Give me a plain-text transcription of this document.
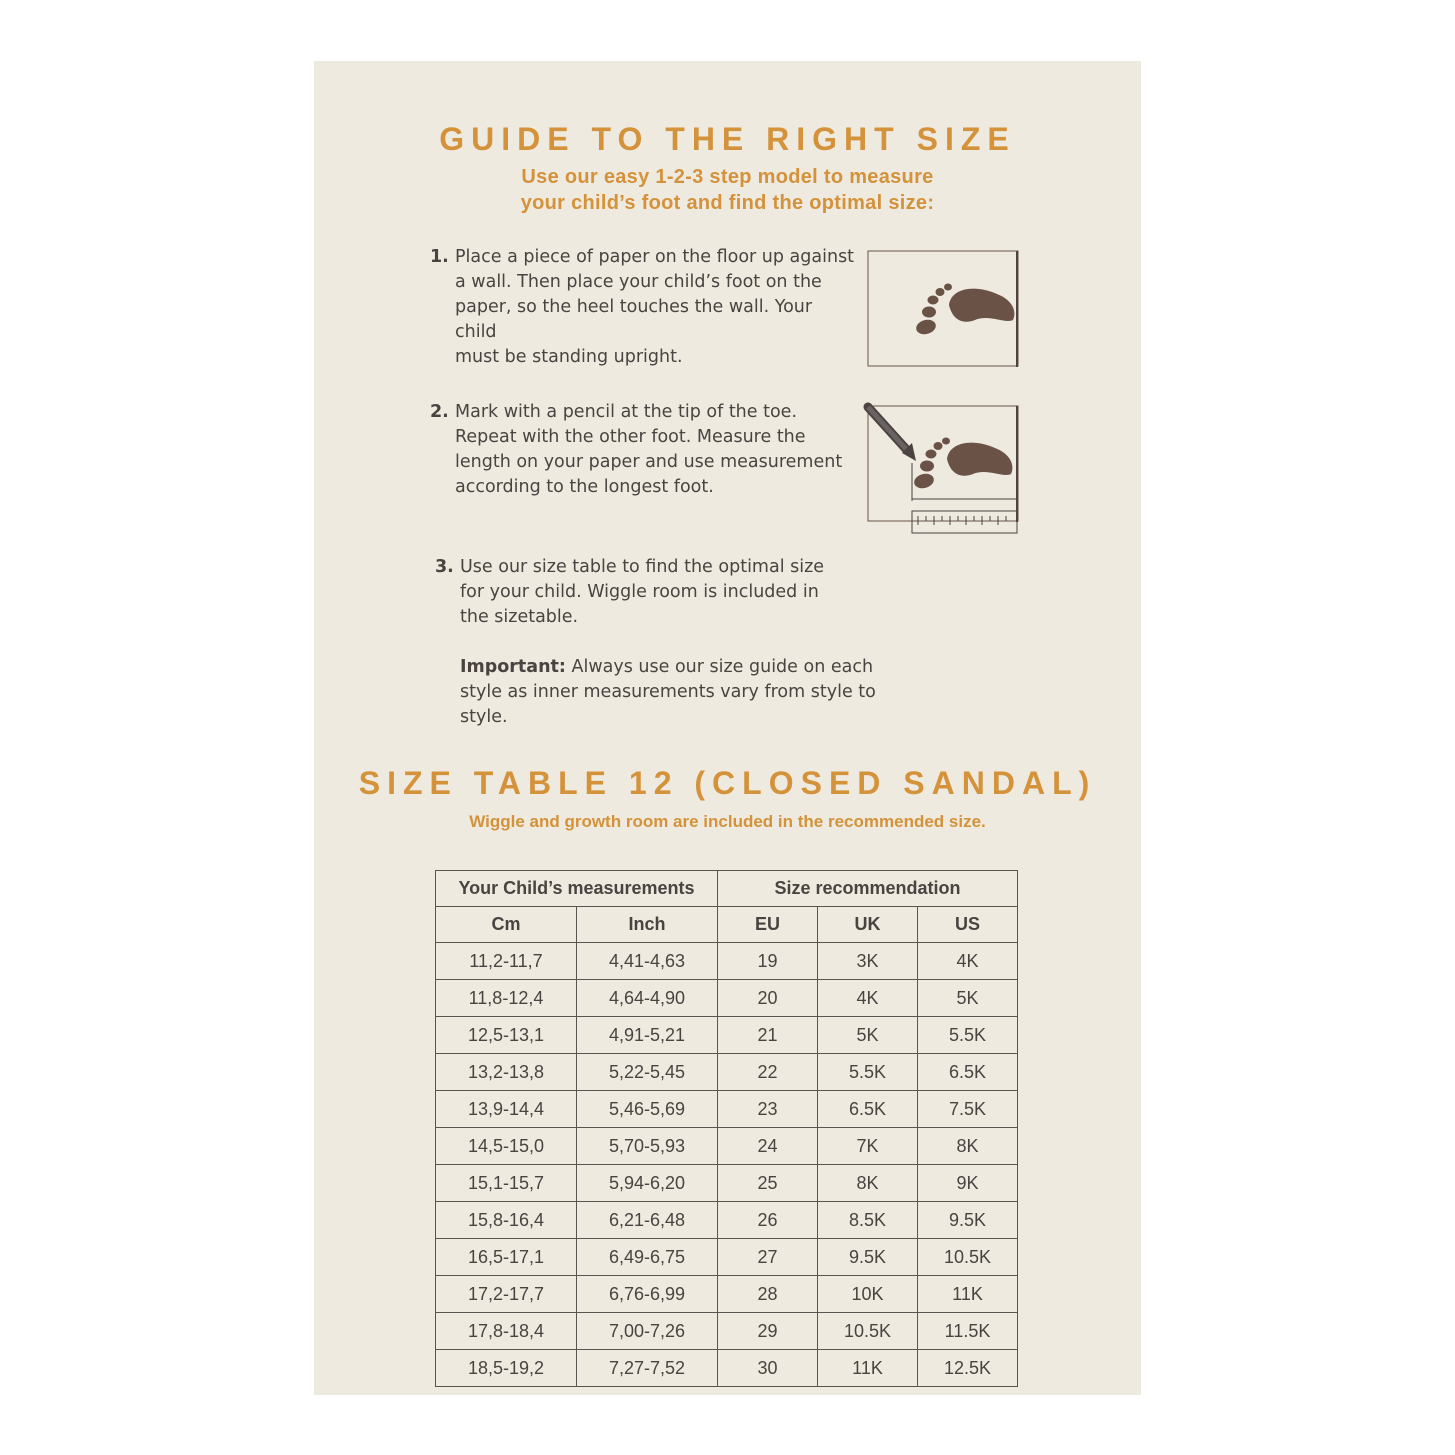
GUIDE TO THE RIGHT SIZE
Use our easy 1-2-3 step model to measure
your child’s foot and find the optimal size:
1. Place a piece of paper on the floor up against

a wall. Then place your child’s foot on the

paper, so the heel touches the wall. Your child

must be standing upright.

2. Mark with a pencil at the tip of the toe.

Repeat with the other foot. Measure the

length on your paper and use measurement

according to the longest foot.

3. Use our size table to find the optimal size

for your child. Wiggle room is included in

the sizetable.

Important: Always use our size guide on each

style as inner measurements vary from style to style.

SIZE TABLE 12 (CLOSED SANDAL)
Wiggle and growth room are included in the recommended size.
Your Child’s measurements		Size recommendation		
Cm	Inch	EU	UK	US
11,2-11,7	4,41-4,63	19	3K	4K
11,8-12,4	4,64-4,90	20	4K	5K
12,5-13,1	4,91-5,21	21	5K	5.5K
13,2-13,8	5,22-5,45	22	5.5K	6.5K
13,9-14,4	5,46-5,69	23	6.5K	7.5K
14,5-15,0	5,70-5,93	24	7K	8K
15,1-15,7	5,94-6,20	25	8K	9K
15,8-16,4	6,21-6,48	26	8.5K	9.5K
16,5-17,1	6,49-6,75	27	9.5K	10.5K
17,2-17,7	6,76-6,99	28	10K	11K
17,8-18,4	7,00-7,26	29	10.5K	11.5K
18,5-19,2	7,27-7,52	30	11K	12.5K
